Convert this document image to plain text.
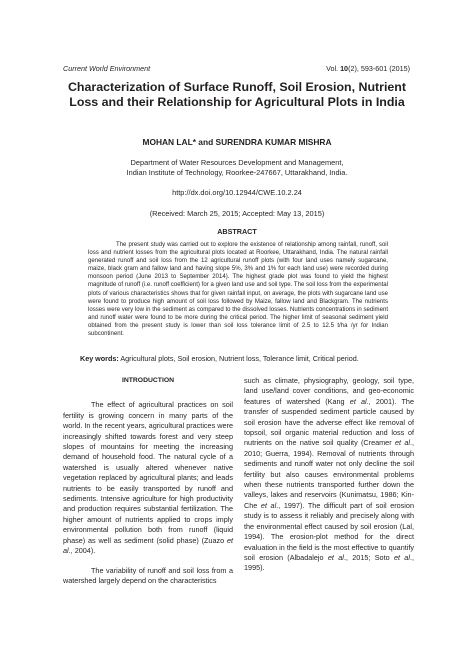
Current World Environment	Vol. 10(2), 593-601 (2015)
Characterization of Surface Runoff, Soil Erosion, Nutrient Loss and their Relationship for Agricultural Plots in India
MOHAN LAL* and SURENDRA KUMAR MISHRA
Department of Water Resources Development and Management,
Indian Institute of Technology, Roorkee-247667, Uttarakhand, India.
http://dx.doi.org/10.12944/CWE.10.2.24
(Received: March 25, 2015; Accepted: May 13, 2015)
ABSTRACT
The present study was carried out to explore the existence of relationship among rainfall, runoff, soil loss and nutrient losses from the agricultural plots located at Roorkee, Uttarakhand, India. The natural rainfall generated runoff and soil loss from the 12 agricultural runoff plots (with four land uses namely sugarcane, maize, black gram and fallow land and having slope 5%, 3% and 1% for each land use) were recorded during monsoon period (June 2013 to September 2014). The highest grade plot was found to yield the highest magnitude of runoff (i.e. runoff coefficient) for a given land use and soil type. The soil loss from the experimental plots of various characteristics shows that for given rainfall input, on average, the plots with sugarcane land use were found to produce high amount of soil loss followed by Maize, fallow land and Blackgram. The nutrients losses were very low in the sediment as compared to the dissolved losses. Nutrients concentrations in sediment and runoff water were found to be more during the critical period. The higher limit of seasonal sediment yield obtained from the present study is lower than soil loss tolerance limit of 2.5 to 12.5 t/ha /yr for Indian subcontinent.
Key words: Agricultural plots, Soil erosion, Nutrient loss, Tolerance limit, Critical period.
INTRODUCTION

The effect of agricultural practices on soil fertility is growing concern in many parts of the world. In the recent years, agricultural practices were increasingly shifted towards forest and very steep slopes of mountains for meeting the increasing demand of household food. The natural cycle of a watershed is usually altered whenever native vegetation replaced by agricultural plants; and leads nutrients to be easily transported by runoff and sediments. Intensive agriculture for high productivity and production requires substantial fertilization. The higher amount of nutrients applied to crops imply environmental pollution both from runoff (liquid phase) as well as sediment (solid phase) (Zuazo et al., 2004).

The variability of runoff and soil loss from a watershed largely depend on the characteristics

such as climate, physiography, geology, soil type, land use/land cover conditions, and geo-economic features of watershed (Kang et al., 2001). The transfer of suspended sediment particle caused by soil erosion have the adverse effect like removal of topsoil, soil organic material reduction and loss of nutrients on the native soil quality (Creamer et al., 2010; Guerra, 1994). Removal of nutrients through sediments and runoff water not only decline the soil fertility but also causes environmental problems when these nutrients transported further down the valleys, lakes and reservoirs (Kunimatsu, 1986; Kin-Che et al., 1997). The difficult part of soil erosion study is to assess it reliably and precisely along with the environmental effect caused by soil erosion (Lal, 1994). The erosion-plot method for the direct evaluation in the field is the most effective to quantify soil erosion (Albadalejo et al., 2015; Soto et al., 1995).
